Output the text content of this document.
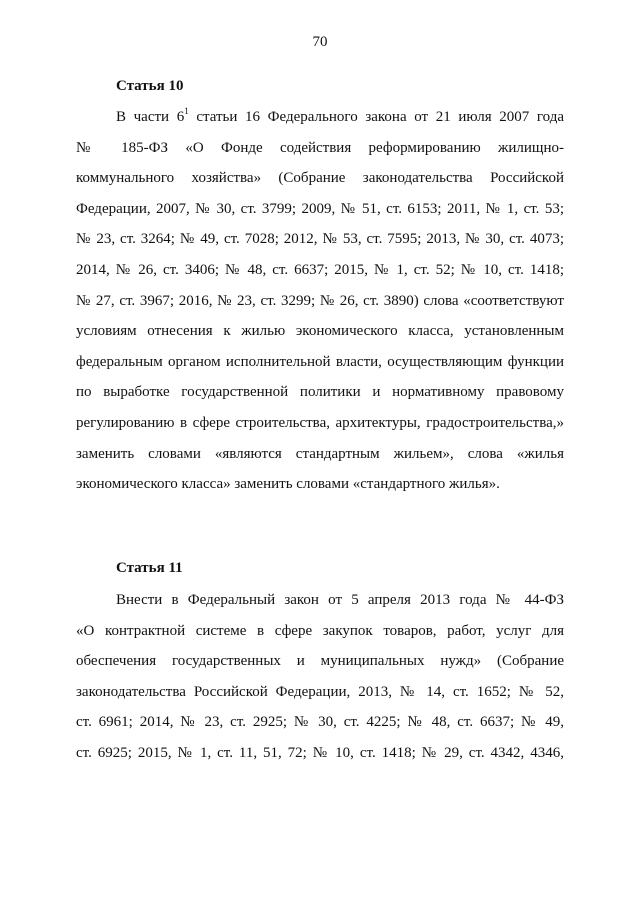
70
Статья 10
В части $6^1$ статьи 16 Федерального закона от 21 июля 2007 года
№ 185-ФЗ «О Фонде содействия реформированию жилищно-
коммунального хозяйства» (Собрание законодательства Российской
Федерации, 2007, № 30, ст. 3799; 2009, № 51, ст. 6153; 2011, № 1, ст. 53;
№ 23, ст. 3264; № 49, ст. 7028; 2012, № 53, ст. 7595; 2013, № 30, ст. 4073;
2014, № 26, ст. 3406; № 48, ст. 6637; 2015, № 1, ст. 52; № 10, ст. 1418;
№ 27, ст. 3967; 2016, № 23, ст. 3299; № 26, ст. 3890) слова «соответствуют
условиям отнесения к жилью экономического класса, установленным
федеральным органом исполнительной власти, осуществляющим функции
по выработке государственной политики и нормативному правовому
регулированию в сфере строительства, архитектуры, градостроительства,»
заменить словами «являются стандартным жильем», слова «жилья
экономического класса» заменить словами «стандартного жилья».
Статья 11
Внести в Федеральный закон от 5 апреля 2013 года № 44-ФЗ
«О контрактной системе в сфере закупок товаров, работ, услуг для
обеспечения государственных и муниципальных нужд» (Собрание
законодательства Российской Федерации, 2013, № 14, ст. 1652; № 52,
ст. 6961; 2014, № 23, ст. 2925; № 30, ст. 4225; № 48, ст. 6637; № 49,
ст. 6925; 2015, № 1, ст. 11, 51, 72; № 10, ст. 1418; № 29, ст. 4342, 4346,
